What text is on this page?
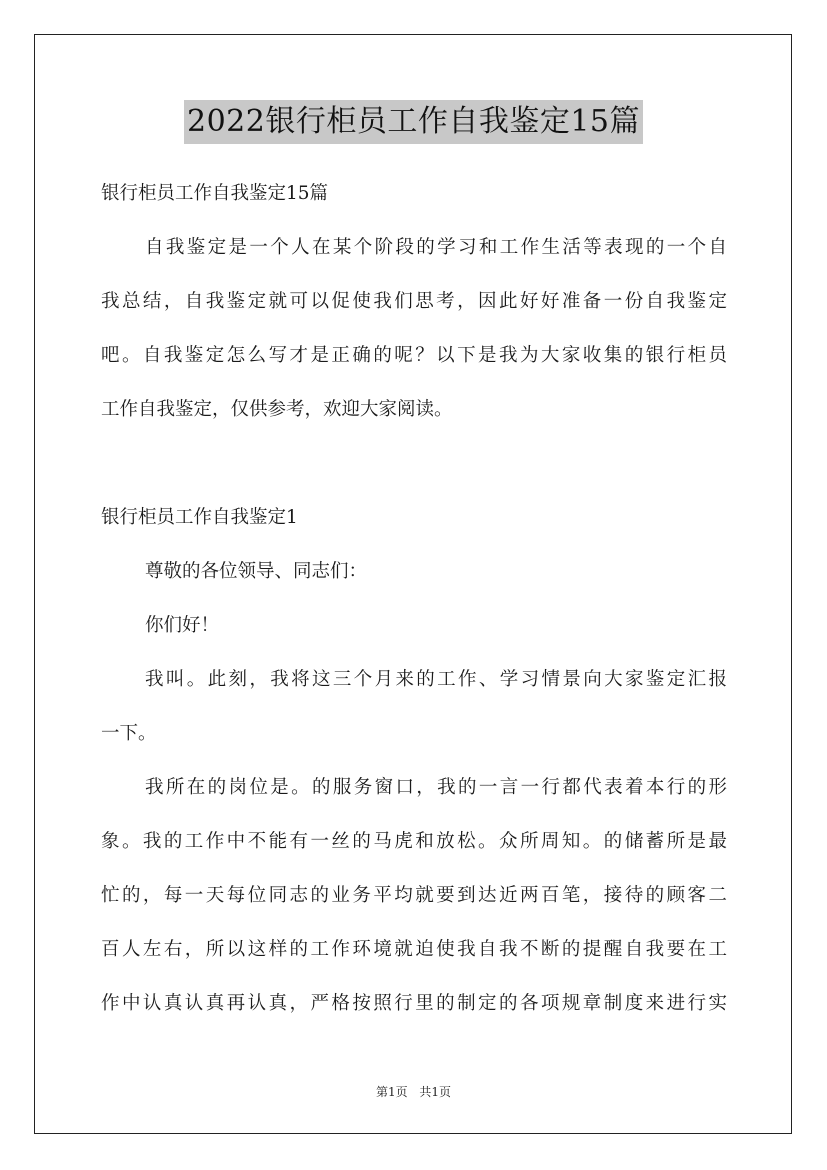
2022银行柜员工作自我鉴定15篇
银行柜员工作自我鉴定15篇
自我鉴定是一个人在某个阶段的学习和工作生活等表现的一个自
我总结，自我鉴定就可以促使我们思考，因此好好准备一份自我鉴定
吧。自我鉴定怎么写才是正确的呢？以下是我为大家收集的银行柜员
工作自我鉴定，仅供参考，欢迎大家阅读。
银行柜员工作自我鉴定1
尊敬的各位领导、同志们：
你们好！
我叫。此刻，我将这三个月来的工作、学习情景向大家鉴定汇报
一下。
我所在的岗位是。的服务窗口，我的一言一行都代表着本行的形
象。我的工作中不能有一丝的马虎和放松。众所周知。的储蓄所是最
忙的，每一天每位同志的业务平均就要到达近两百笔，接待的顾客二
百人左右，所以这样的工作环境就迫使我自我不断的提醒自我要在工
作中认真认真再认真，严格按照行里的制定的各项规章制度来进行实
第1页 共1页
